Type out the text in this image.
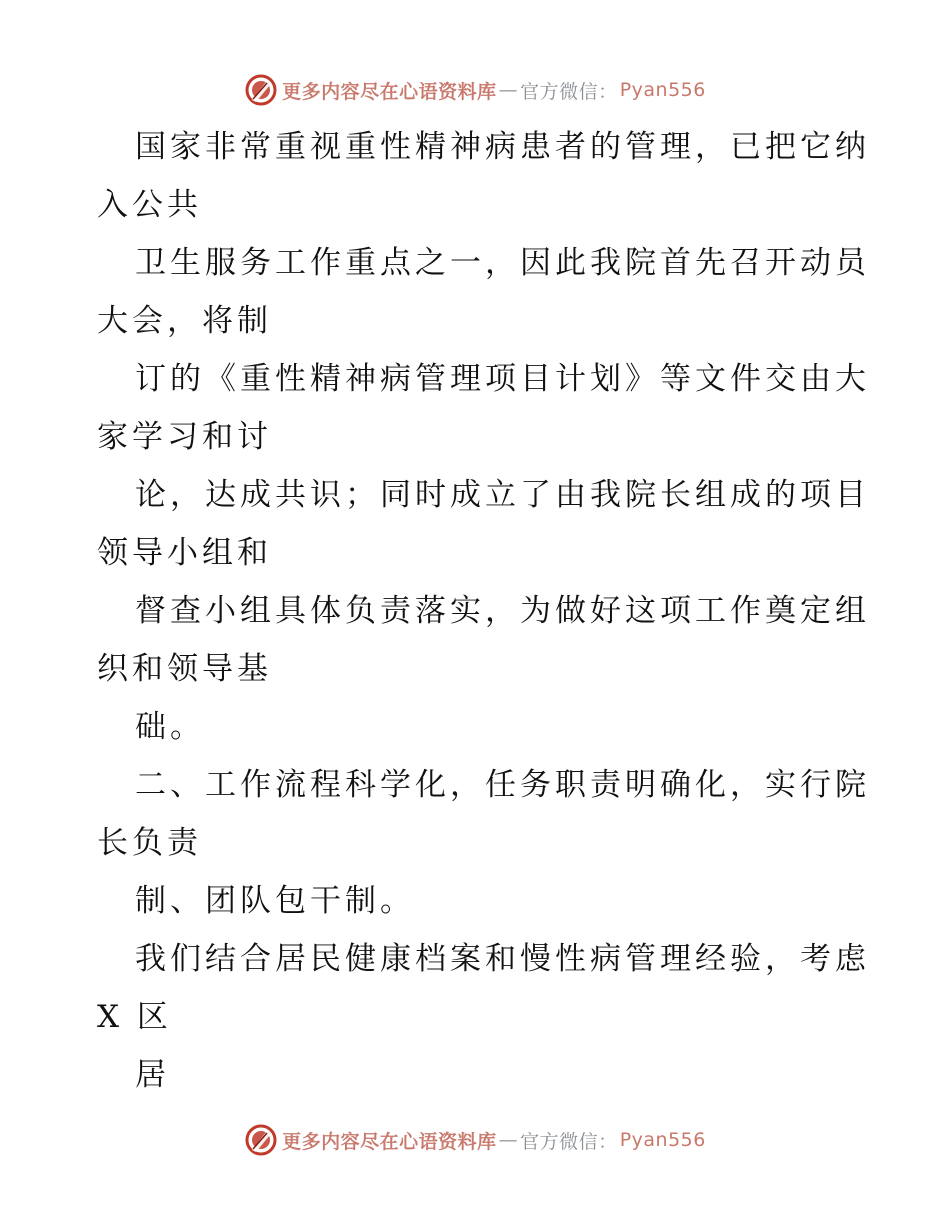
更多内容尽在心语资料库 — 官方微信： Pyan556
国家非常重视重性精神病患者的管理，已把它纳
入公共
卫生服务工作重点之一，因此我院首先召开动员
大会，将制
订的《重性精神病管理项目计划》等文件交由大
家学习和讨
论，达成共识；同时成立了由我院长组成的项目
领导小组和
督查小组具体负责落实，为做好这项工作奠定组
织和领导基
础。
二、工作流程科学化，任务职责明确化，实行院
长负责
制、团队包干制。
我们结合居民健康档案和慢性病管理经验，考虑
X 区
居
更多内容尽在心语资料库 — 官方微信： Pyan556
